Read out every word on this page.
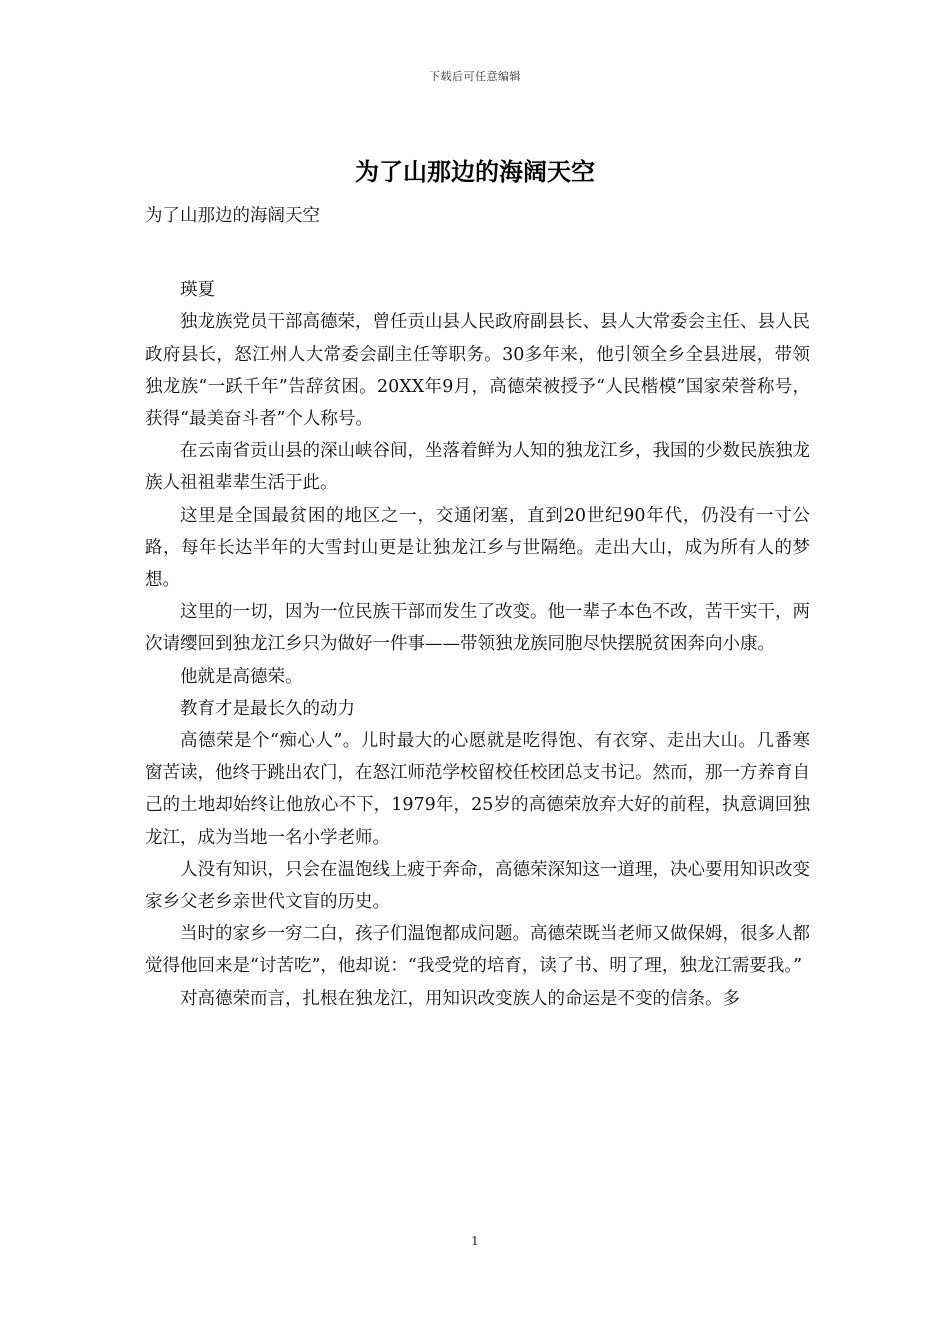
下载后可任意编辑
为了山那边的海阔天空

为了山那边的海阔天空

瑛夏

独龙族党员干部高德荣，曾任贡山县人民政府副县长、县人大常委会主任、县人民政府县长，怒江州人大常委会副主任等职务。30多年来，他引领全乡全县进展，带领独龙族“一跃千年”告辞贫困。20XX年9月，高德荣被授予“人民楷模”国家荣誉称号，获得“最美奋斗者”个人称号。

在云南省贡山县的深山峡谷间，坐落着鲜为人知的独龙江乡，我国的少数民族独龙族人祖祖辈辈生活于此。

这里是全国最贫困的地区之一，交通闭塞，直到20世纪90年代，仍没有一寸公路，每年长达半年的大雪封山更是让独龙江乡与世隔绝。走出大山，成为所有人的梦想。

这里的一切，因为一位民族干部而发生了改变。他一辈子本色不改，苦干实干，两次请缨回到独龙江乡只为做好一件事——带领独龙族同胞尽快摆脱贫困奔向小康。

他就是高德荣。

教育才是最长久的动力

高德荣是个“痴心人”。儿时最大的心愿就是吃得饱、有衣穿、走出大山。几番寒窗苦读，他终于跳出农门，在怒江师范学校留校任校团总支书记。然而，那一方养育自己的土地却始终让他放心不下，1979年，25岁的高德荣放弃大好的前程，执意调回独龙江，成为当地一名小学老师。

人没有知识，只会在温饱线上疲于奔命，高德荣深知这一道理，决心要用知识改变家乡父老乡亲世代文盲的历史。

当时的家乡一穷二白，孩子们温饱都成问题。高德荣既当老师又做保姆，很多人都觉得他回来是“讨苦吃”，他却说：“我受党的培育，读了书、明了理，独龙江需要我。”

对高德荣而言，扎根在独龙江，用知识改变族人的命运是不变的信条。多

1
